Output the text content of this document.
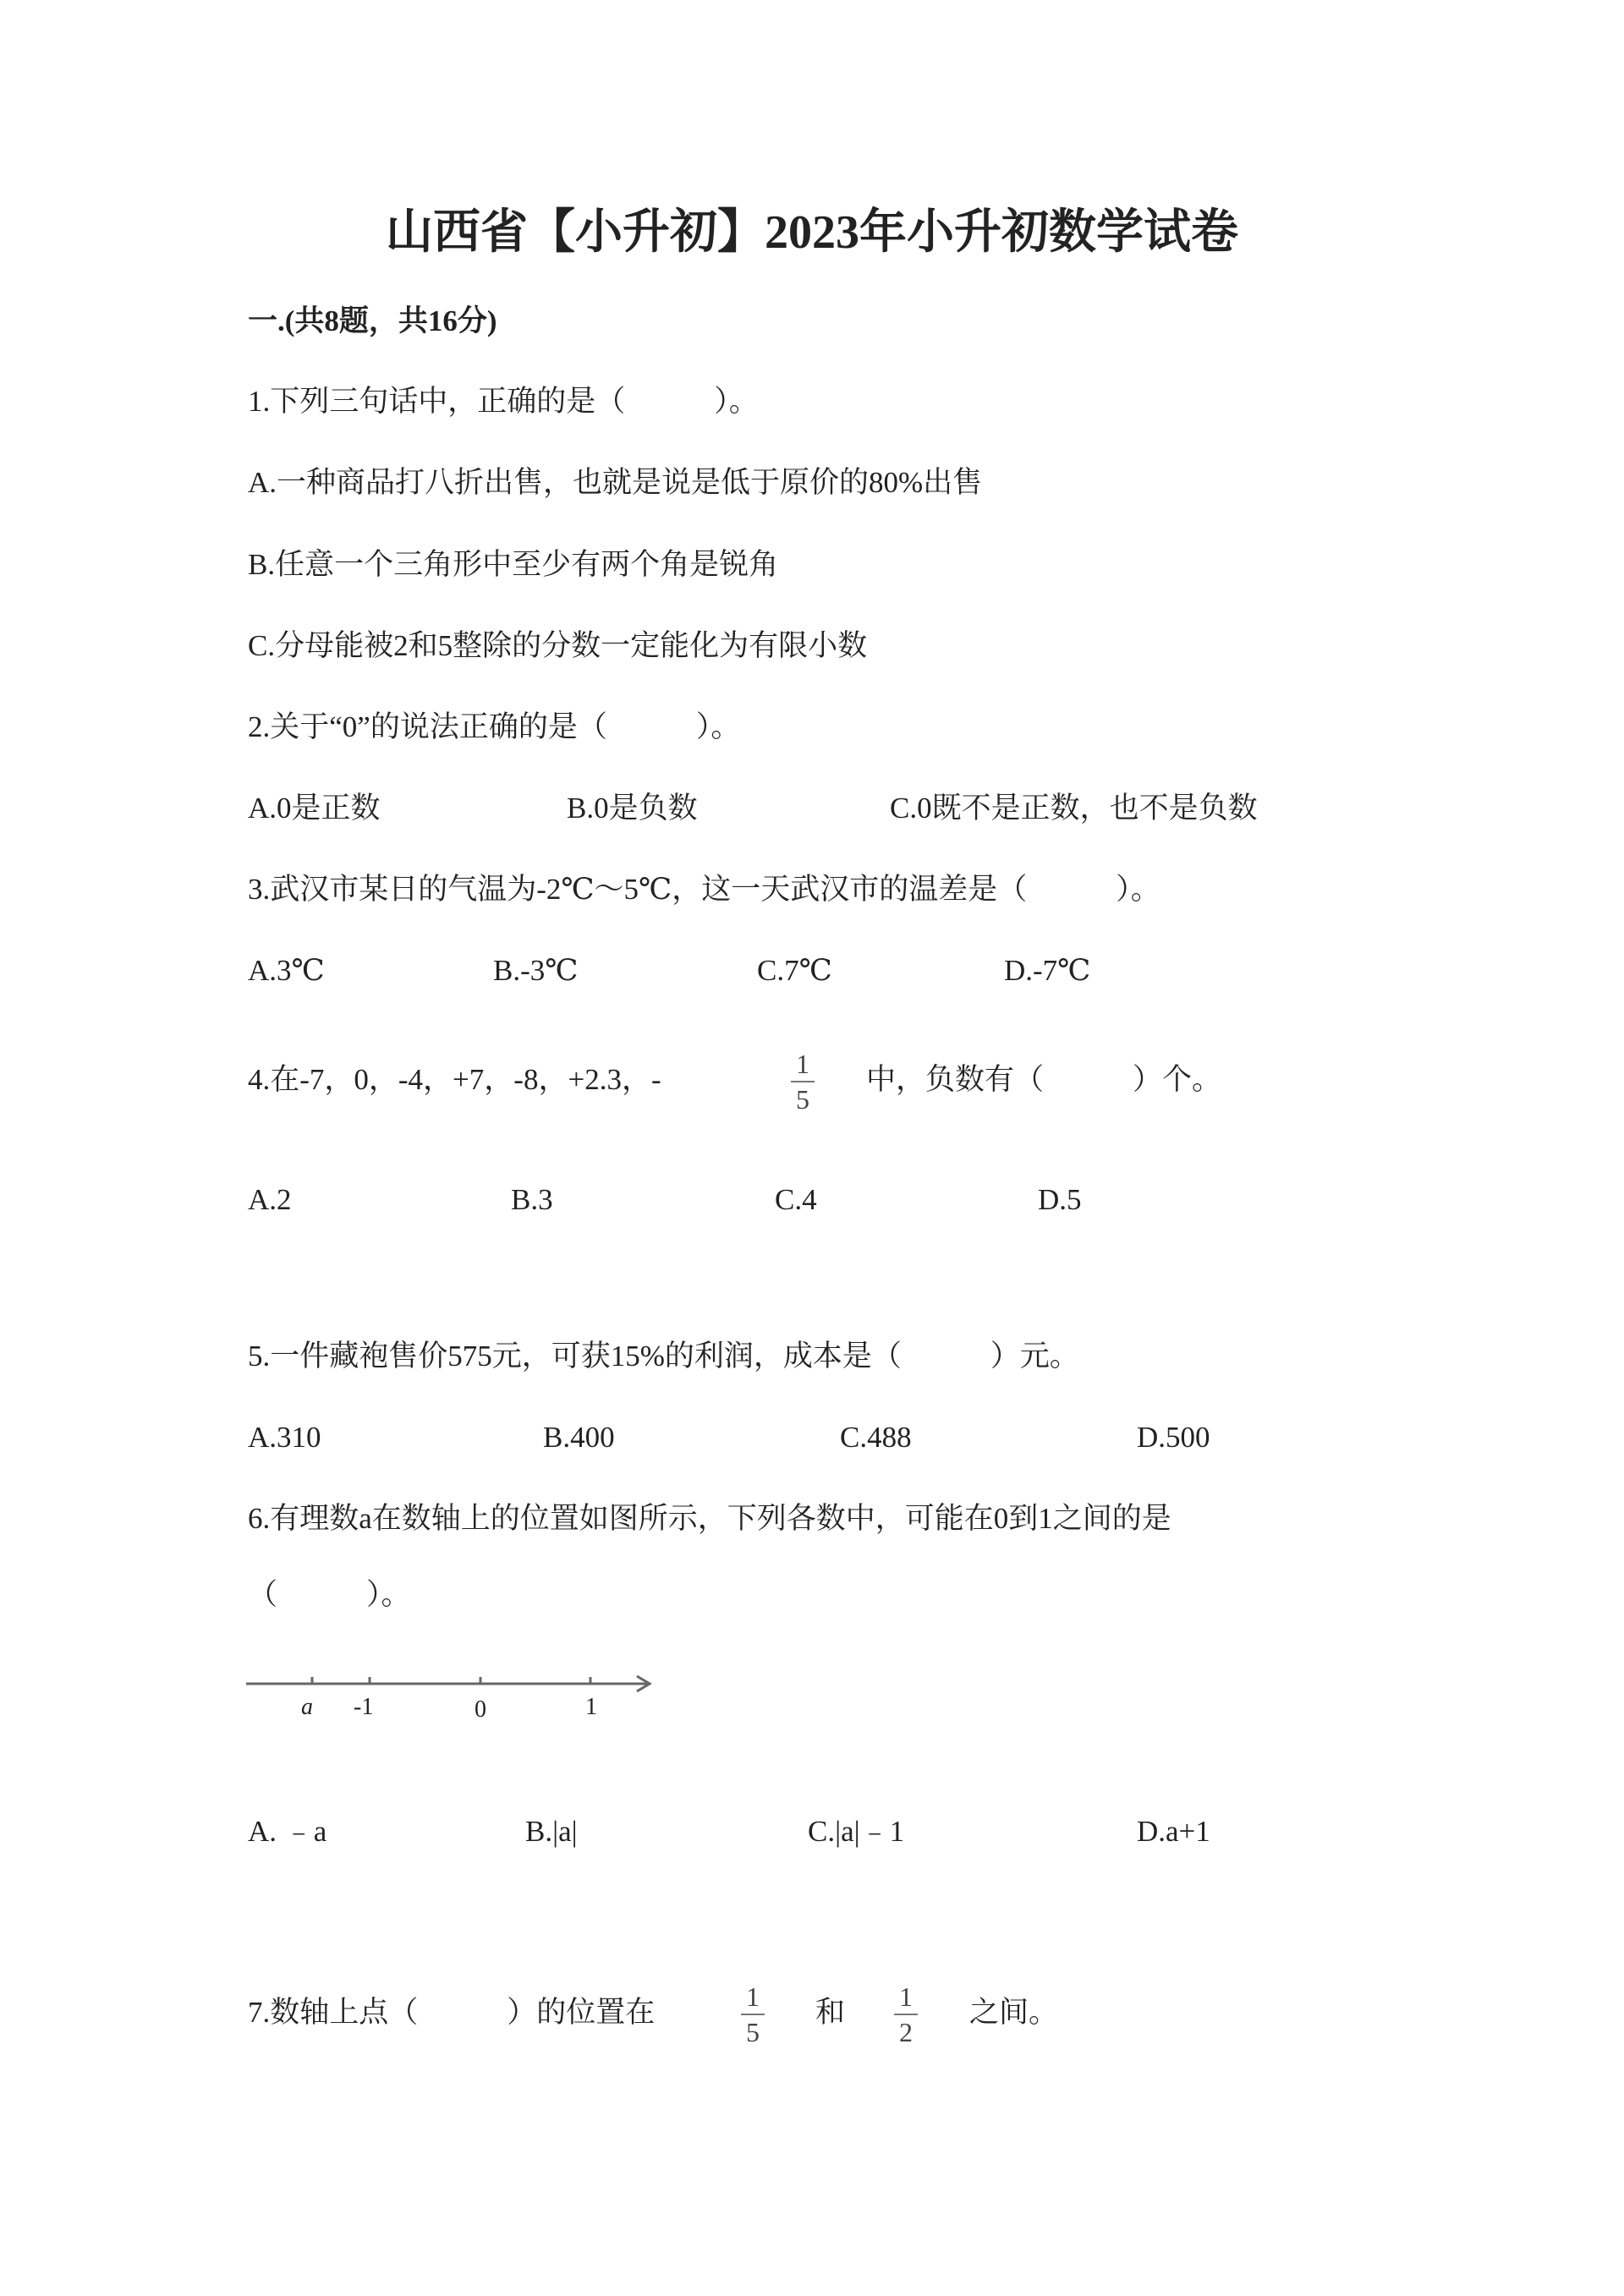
山西省【小升初】2023年小升初数学试卷
一.(共8题，共16分)
1.下列三句话中，正确的是（　　　）。
A.一种商品打八折出售，也就是说是低于原价的80%出售
B.任意一个三角形中至少有两个角是锐角
C.分母能被2和5整除的分数一定能化为有限小数
2.关于“0”的说法正确的是（　　　）。
A.0是正数	B.0是负数	C.0既不是正数，也不是负数
3.武汉市某日的气温为-2℃～5℃，这一天武汉市的温差是（　　　）。
A.3℃	B.-3℃	C.7℃	D.-7℃
4.在-7，0，-4，+7，-8，+2.3，-	1
5
中，负数有（　　　）个。
A.2	B.3	C.4	D.5
5.一件藏袍售价575元，可获15%的利润，成本是（　　　）元。
A.310	B.400	C.488	D.500
6.有理数a在数轴上的位置如图所示，下列各数中，可能在0到1之间的是
（　　　）。
a -1	0	1
A. ﹣a	B.|a|	C.|a|﹣1	D.a+1
7.数轴上点（　　　）的位置在	1
5
和	1
2
之间。
